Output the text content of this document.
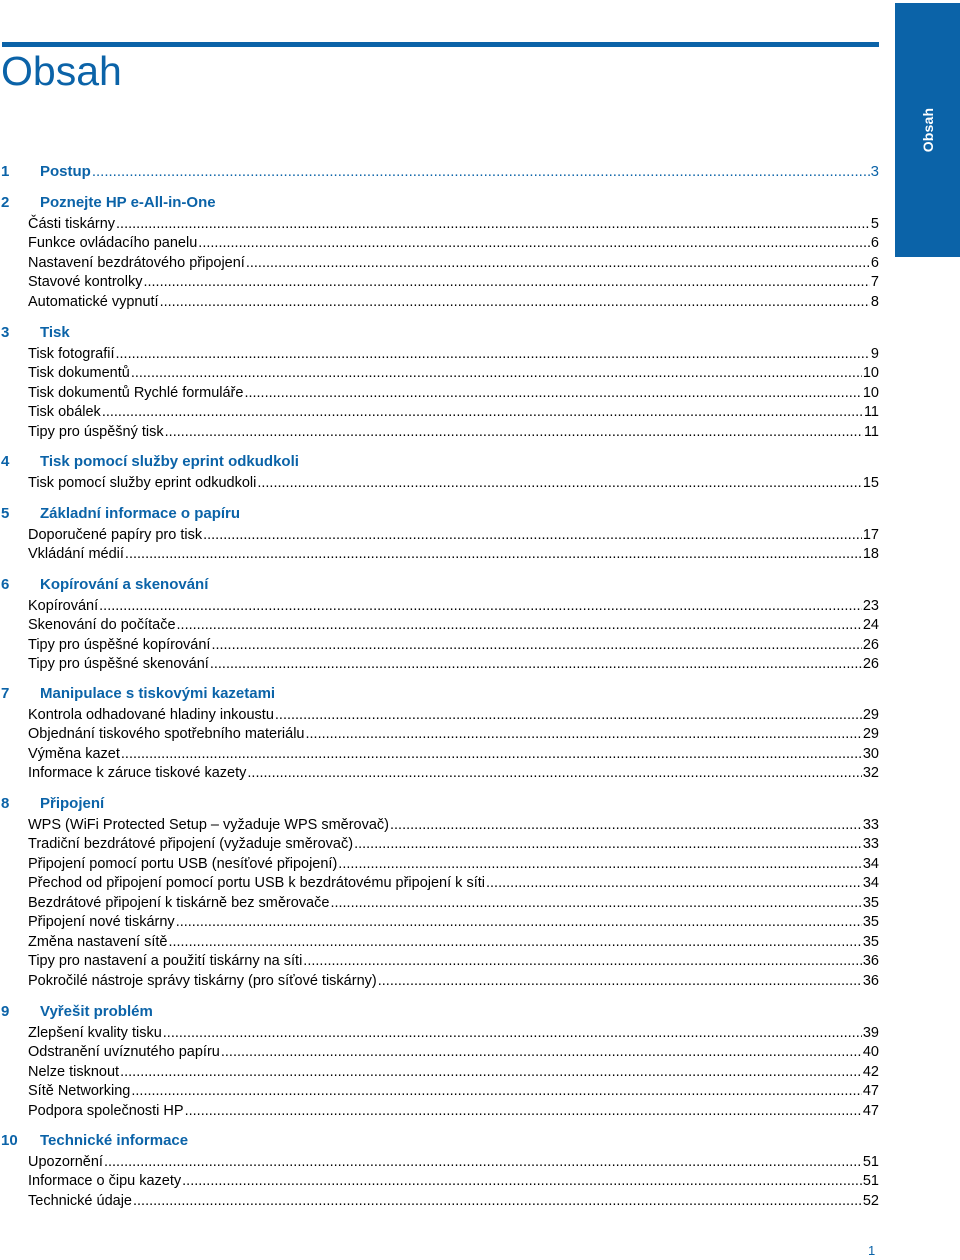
Obsah
Obsah
1 Postup .....	3
2 Poznejte HP e-All-in-One
Části tiskárny .....	5
Funkce ovládacího panelu .....	6
Nastavení bezdrátového připojení .....	6
Stavové kontrolky .....	7
Automatické vypnutí .....	8
3 Tisk
Tisk fotografií .....	9
Tisk dokumentů .....	10
Tisk dokumentů Rychlé formuláře .....	10
Tisk obálek .....	11
Tipy pro úspěšný tisk .....	11
4 Tisk pomocí služby eprint odkudkoli
Tisk pomocí služby eprint odkudkoli .....	15
5 Základní informace o papíru
Doporučené papíry pro tisk .....	17
Vkládání médií .....	18
6 Kopírování a skenování
Kopírování .....	23
Skenování do počítače .....	24
Tipy pro úspěšné kopírování .....	26
Tipy pro úspěšné skenování .....	26
7 Manipulace s tiskovými kazetami
Kontrola odhadované hladiny inkoustu .....	29
Objednání tiskového spotřebního materiálu .....	29
Výměna kazet .....	30
Informace k záruce tiskové kazety .....	32
8 Připojení
WPS (WiFi Protected Setup – vyžaduje WPS směrovač) .....	33
Tradiční bezdrátové připojení (vyžaduje směrovač) .....	33
Připojení pomocí portu USB (nesíťové připojení) .....	34
Přechod od připojení pomocí portu USB k bezdrátovému připojení k síti .....	34
Bezdrátové připojení k tiskárně bez směrovače .....	35
Připojení nové tiskárny .....	35
Změna nastavení sítě .....	35
Tipy pro nastavení a použití tiskárny na síti .....	36
Pokročilé nástroje správy tiskárny (pro síťové tiskárny) .....	36
9 Vyřešit problém
Zlepšení kvality tisku .....	39
Odstranění uvíznutého papíru .....	40
Nelze tisknout .....	42
Sítě Networking .....	47
Podpora společnosti HP .....	47
10 Technické informace
Upozornění .....	51
Informace o čipu kazety .....	51
Technické údaje .....	52
1
